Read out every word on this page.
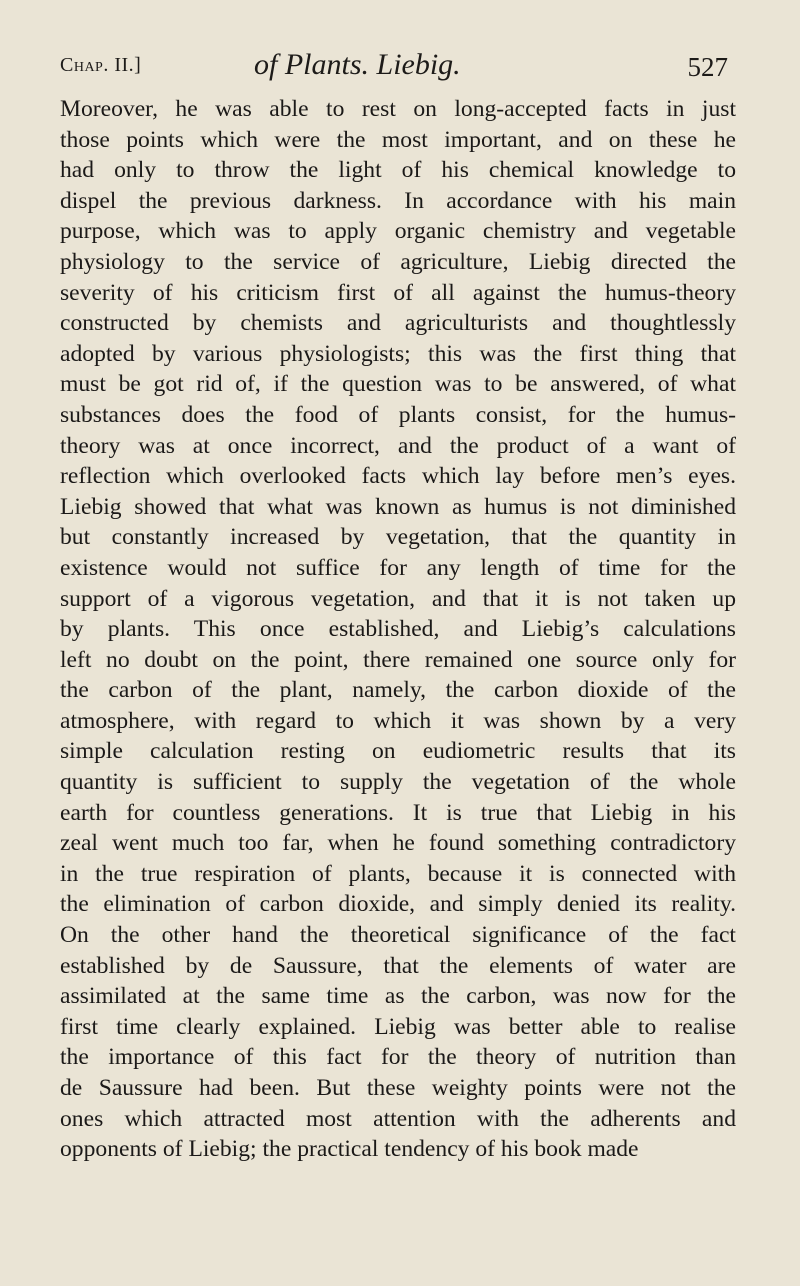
Chap. II.]	of Plants. Liebig.	527
Moreover, he was able to rest on long-accepted facts in just
those points which were the most important, and on these he
had only to throw the light of his chemical knowledge to
dispel the previous darkness. In accordance with his main
purpose, which was to apply organic chemistry and vegetable
physiology to the service of agriculture, Liebig directed the
severity of his criticism first of all against the humus-theory
constructed by chemists and agriculturists and thoughtlessly
adopted by various physiologists; this was the first thing that
must be got rid of, if the question was to be answered, of what
substances does the food of plants consist, for the humus-
theory was at once incorrect, and the product of a want of
reflection which overlooked facts which lay before men’s eyes.
Liebig showed that what was known as humus is not diminished
but constantly increased by vegetation, that the quantity in
existence would not suffice for any length of time for the
support of a vigorous vegetation, and that it is not taken up
by plants. This once established, and Liebig’s calculations
left no doubt on the point, there remained one source only for
the carbon of the plant, namely, the carbon dioxide of the
atmosphere, with regard to which it was shown by a very
simple calculation resting on eudiometric results that its
quantity is sufficient to supply the vegetation of the whole
earth for countless generations. It is true that Liebig in his
zeal went much too far, when he found something contradictory
in the true respiration of plants, because it is connected with
the elimination of carbon dioxide, and simply denied its reality.
On the other hand the theoretical significance of the fact
established by de Saussure, that the elements of water are
assimilated at the same time as the carbon, was now for the
first time clearly explained. Liebig was better able to realise
the importance of this fact for the theory of nutrition than
de Saussure had been. But these weighty points were not the
ones which attracted most attention with the adherents and
opponents of Liebig; the practical tendency of his book made
